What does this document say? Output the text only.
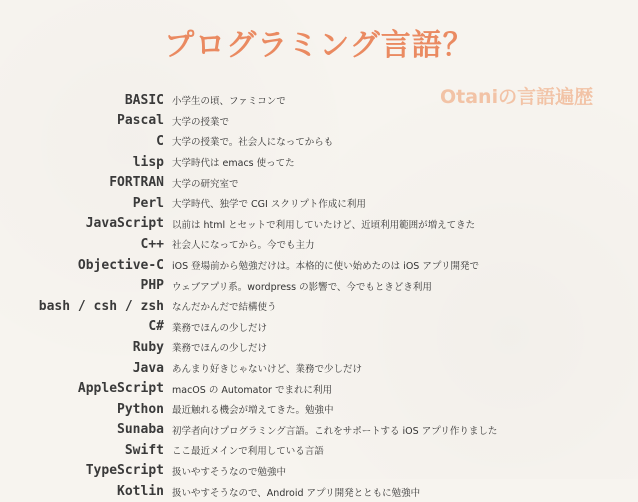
プログラミング言語？
Otaniの言語遍歴
BASIC 小学生の頃、ファミコンで
Pascal 大学の授業で
C 大学の授業で。社会人になってからも
lisp 大学時代は emacs 使ってた
FORTRAN 大学の研究室で
Perl 大学時代、独学で CGI スクリプト作成に利用
JavaScript 以前は html とセットで利用していたけど、近頃利用範囲が増えてきた
C++ 社会人になってから。今でも主力
Objective-C iOS 登場前から勉強だけは。本格的に使い始めたのは iOS アプリ開発で
PHP ウェブアプリ系。wordpress の影響で、今でもときどき利用
bash / csh / zsh なんだかんだで結構使う
C# 業務でほんの少しだけ
Ruby 業務でほんの少しだけ
Java あんまり好きじゃないけど、業務で少しだけ
AppleScript macOS の Automator でまれに利用
Python 最近触れる機会が増えてきた。勉強中
Sunaba 初学者向けプログラミング言語。これをサポートする iOS アプリ作りました
Swift ここ最近メインで利用している言語
TypeScript 扱いやすそうなので勉強中
Kotlin 扱いやすそうなので、Android アプリ開発とともに勉強中
